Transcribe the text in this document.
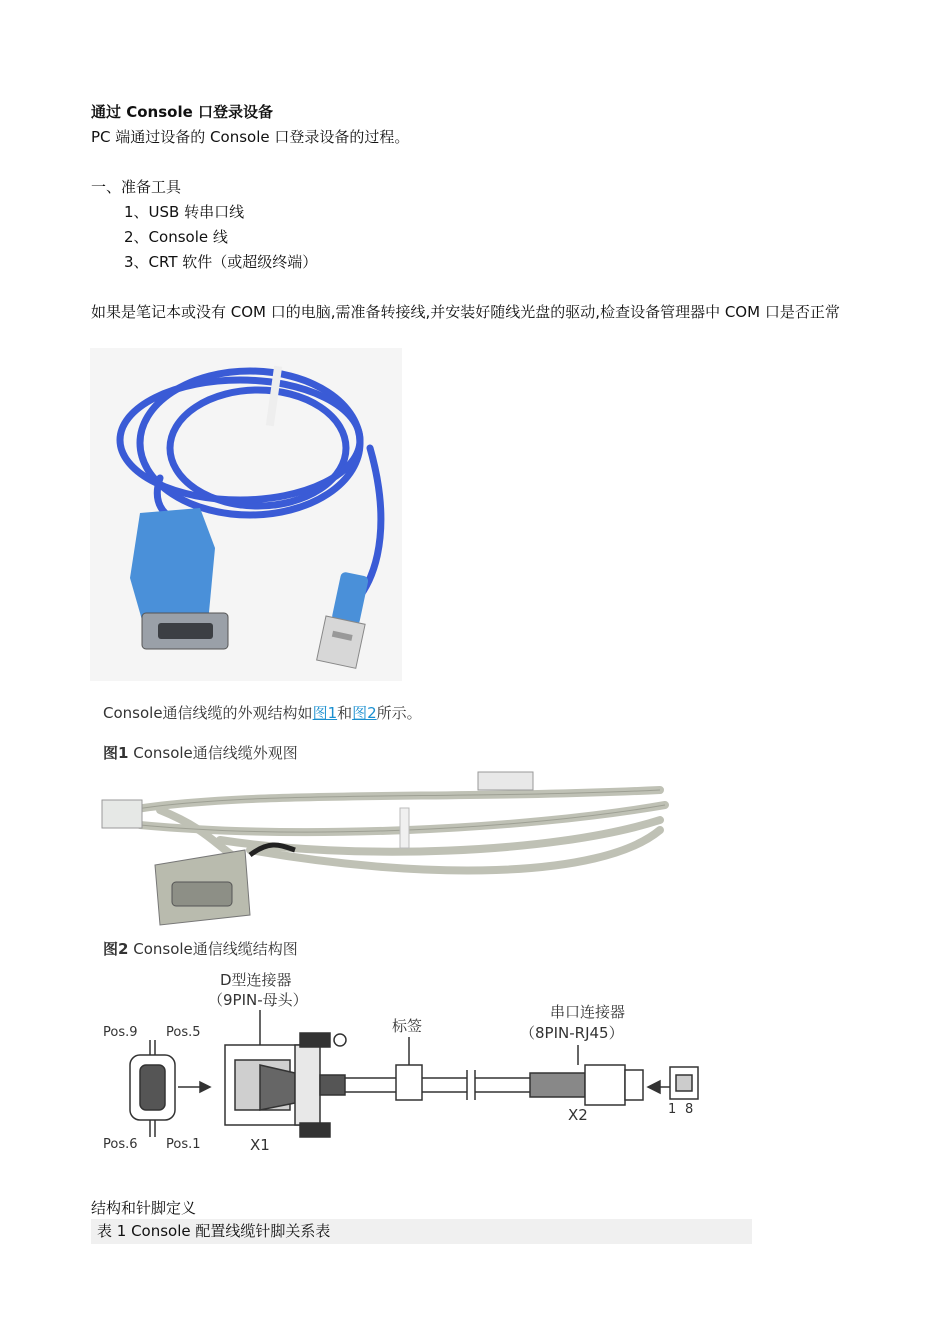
通过 Console 口登录设备
PC 端通过设备的 Console 口登录设备的过程。
一、准备工具
1、USB 转串口线
2、Console 线
3、CRT 软件（或超级终端）
如果是笔记本或没有 COM 口的电脑,需准备转接线,并安装好随线光盘的驱动,检查设备管理器中 COM 口是否正常
Console通信线缆的外观结构如图1和图2所示。
图1 Console通信线缆外观图
图2 Console通信线缆结构图
D型连接器
（9PIN-母头）
标签
串口连接器
（8PIN-RJ45）
Pos.9 Pos.5
Pos.6 Pos.1	X1
X2	1 8
结构和针脚定义
表 1 Console 配置线缆针脚关系表
